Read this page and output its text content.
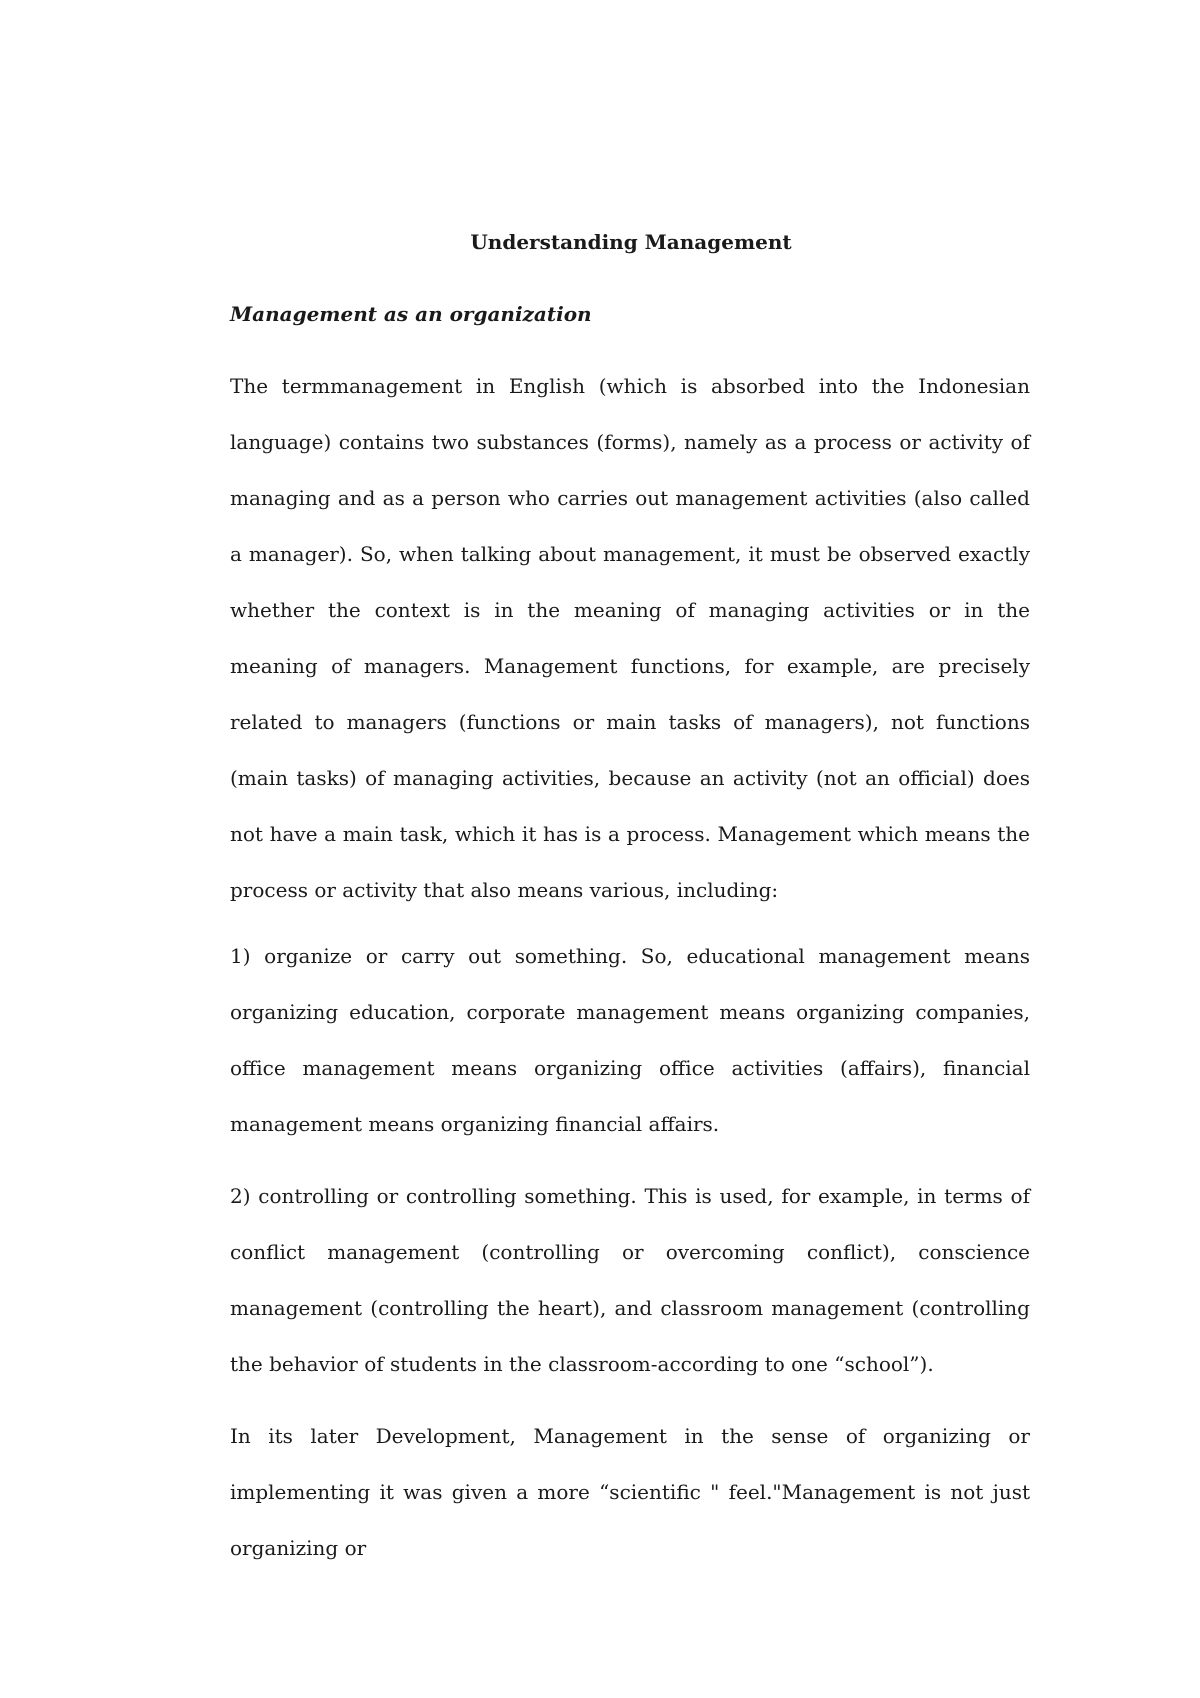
Understanding Management
Management as an organization

The termmanagement in English (which is absorbed into the Indonesian language) contains two substances (forms), namely as a process or activity of managing and as a person who carries out management activities (also called a manager). So, when talking about management, it must be observed exactly whether the context is in the meaning of managing activities or in the meaning of managers. Management functions, for example, are precisely related to managers (functions or main tasks of managers), not functions (main tasks) of managing activities, because an activity (not an official) does not have a main task, which it has is a process. Management which means the process or activity that also means various, including:

1) organize or carry out something. So, educational management means organizing education, corporate management means organizing companies, office management means organizing office activities (affairs), financial management means organizing financial affairs.

2) controlling or controlling something. This is used, for example, in terms of conflict management (controlling or overcoming conflict), conscience management (controlling the heart), and classroom management (controlling the behavior of students in the classroom-according to one “school”).

In its later Development, Management in the sense of organizing or implementing it was given a more “scientific " feel."Management is not just organizing or
